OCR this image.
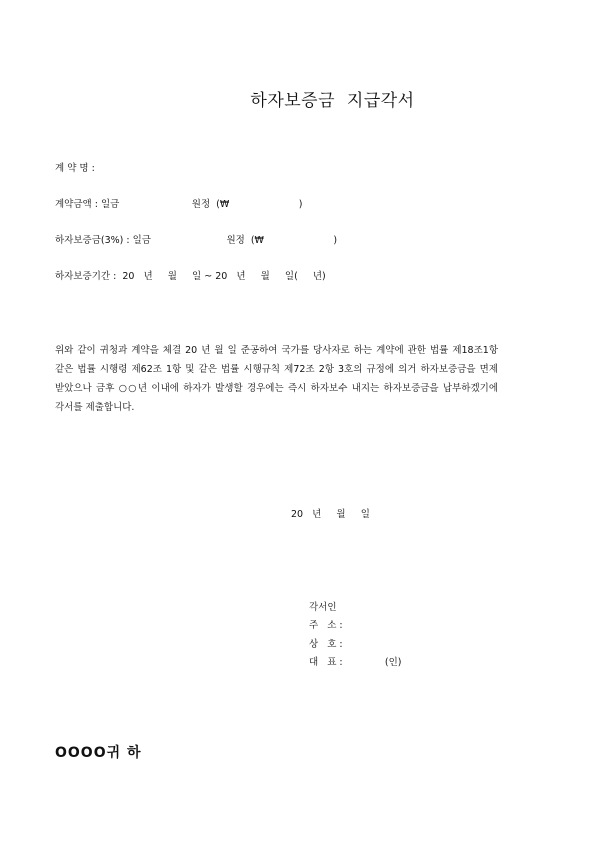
하자보증금 지급각서
계 약 명 :
계약금액 : 일금                        원정  (₩                       )
하자보증금(3%) : 일금                         원정  (₩                       )
하자보증기간 :  20   년     월     일 ~ 20   년     월     일(     년)
위와 같이 귀청과 계약을 체결 20 년 월 일 준공하여 국가를 당사자로 하는 계약에 관한 법률 제18조1항 같은 법률 시행령 제62조 1항 및 같은 법률 시행규칙 제72조 2항 3호의 규정에 의거 하자보증금을 면제 받았으나 금후 ○○년 이내에 하자가 발생할 경우에는 즉시 하자보수 내지는 하자보증금을 납부하겠기에 각서를 제출합니다.
20   년     월     일
각서인
주   소 :
상   호 :
대   표 :              (인)
OOOO귀 하
